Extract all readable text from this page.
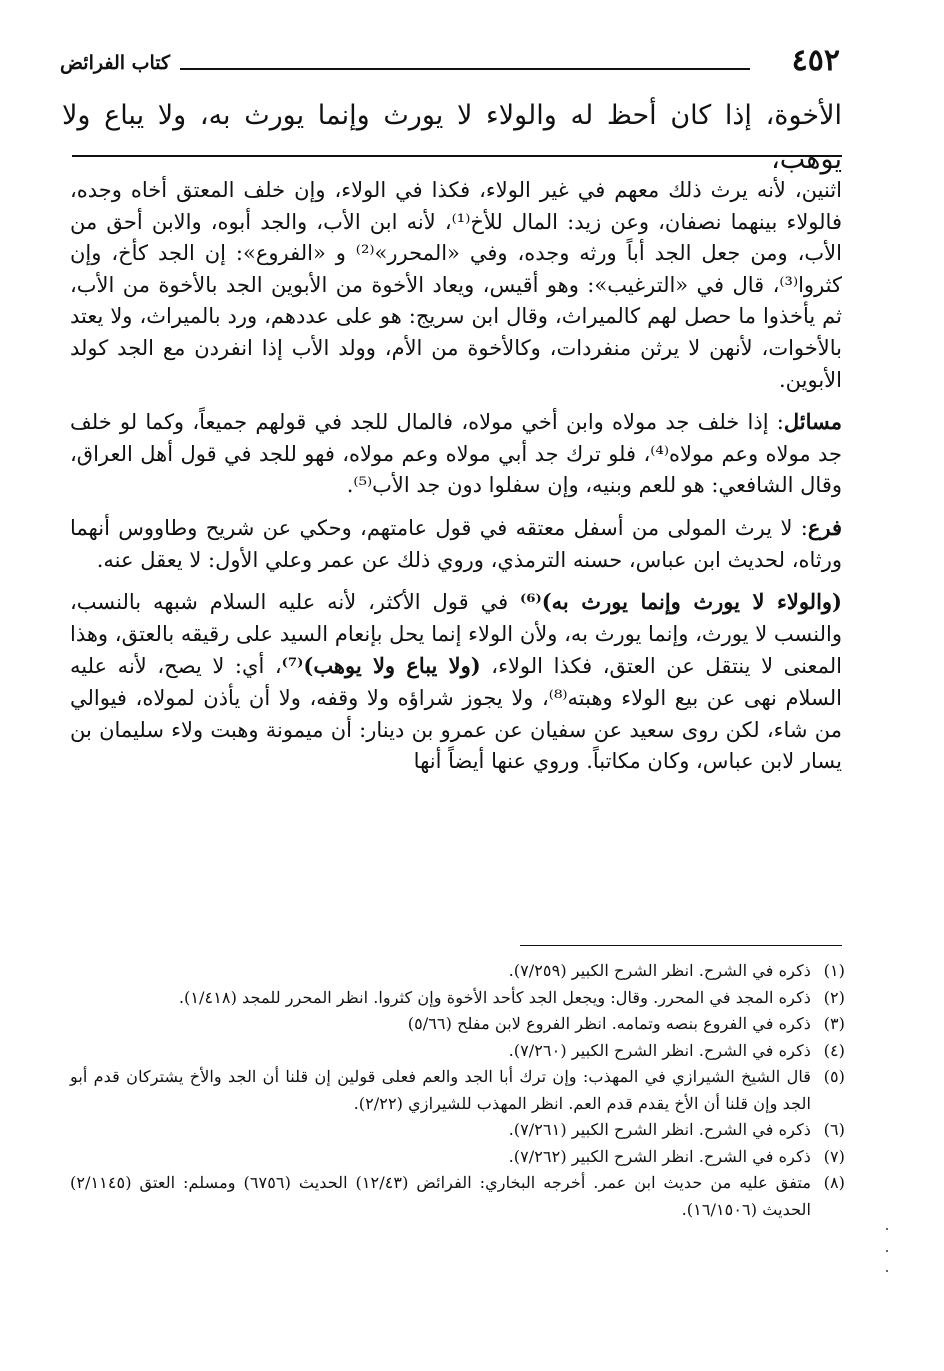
٤٥٢
كتاب الفرائض
الأخوة، إذا كان أحظ له والولاء لا يورث وإنما يورث به، ولا يباع ولا يوهب،

اثنين، لأنه يرث ذلك معهم في غير الولاء، فكذا في الولاء، وإن خلف المعتق أخاه وجده، فالولاء بينهما نصفان، وعن زيد: المال للأخ⁽¹⁾، لأنه ابن الأب، والجد أبوه، والابن أحق من الأب، ومن جعل الجد أباً ورثه وجده، وفي «المحرر»⁽²⁾ و «الفروع»: إن الجد كأخ، وإن كثروا⁽³⁾، قال في «الترغيب»: وهو أقيس، ويعاد الأخوة من الأبوين الجد بالأخوة من الأب، ثم يأخذوا ما حصل لهم كالميراث، وقال ابن سريج: هو على عددهم، ورد بالميراث، ولا يعتد بالأخوات، لأنهن لا يرثن منفردات، وكالأخوة من الأم، وولد الأب إذا انفردن مع الجد كولد الأبوين.

مسائل: إذا خلف جد مولاه وابن أخي مولاه، فالمال للجد في قولهم جميعاً، وكما لو خلف جد مولاه وعم مولاه⁽⁴⁾، فلو ترك جد أبي مولاه وعم مولاه، فهو للجد في قول أهل العراق، وقال الشافعي: هو للعم وبنيه، وإن سفلوا دون جد الأب⁽⁵⁾.

فرع: لا يرث المولى من أسفل معتقه في قول عامتهم، وحكي عن شريح وطاووس أنهما ورثاه، لحديث ابن عباس، حسنه الترمذي، وروي ذلك عن عمر وعلي الأول: لا يعقل عنه.

(والولاء لا يورث وإنما يورث به)⁽⁶⁾ في قول الأكثر، لأنه عليه السلام شبهه بالنسب، والنسب لا يورث، وإنما يورث به، ولأن الولاء إنما يحل بإنعام السيد على رقيقه بالعتق، وهذا المعنى لا ينتقل عن العتق، فكذا الولاء، (ولا يباع ولا يوهب)⁽⁷⁾، أي: لا يصح، لأنه عليه السلام نهى عن بيع الولاء وهبته⁽⁸⁾، ولا يجوز شراؤه ولا وقفه، ولا أن يأذن لمولاه، فيوالي من شاء، لكن روى سعيد عن سفيان عن عمرو بن دينار: أن ميمونة وهبت ولاء سليمان بن يسار لابن عباس، وكان مكاتباً. وروي عنها أيضاً أنها

(١)
ذكره في الشرح. انظر الشرح الكبير (٧/٢٥٩).
(٢)
ذكره المجد في المحرر. وقال: ويجعل الجد كأحد الأخوة وإن كثروا. انظر المحرر للمجد (١/٤١٨).
(٣)
ذكره في الفروع بنصه وتمامه. انظر الفروع لابن مفلح (٥/٦٦)
(٤)
ذكره في الشرح. انظر الشرح الكبير (٧/٢٦٠).
(٥)
قال الشيخ الشيرازي في المهذب: وإن ترك أبا الجد والعم فعلى قولين إن قلنا أن الجد والأخ يشتركان قدم أبو الجد وإن قلنا أن الأخ يقدم قدم العم. انظر المهذب للشيرازي (٢/٢٢).
(٦)
ذكره في الشرح. انظر الشرح الكبير (٧/٢٦١).
(٧)
ذكره في الشرح. انظر الشرح الكبير (٧/٢٦٢).
(٨)
متفق عليه من حديث ابن عمر. أخرجه البخاري: الفرائض (١٢/٤٣) الحديث (٦٧٥٦) ومسلم: العتق (٢/١١٤٥) الحديث (١٦/١٥٠٦).
